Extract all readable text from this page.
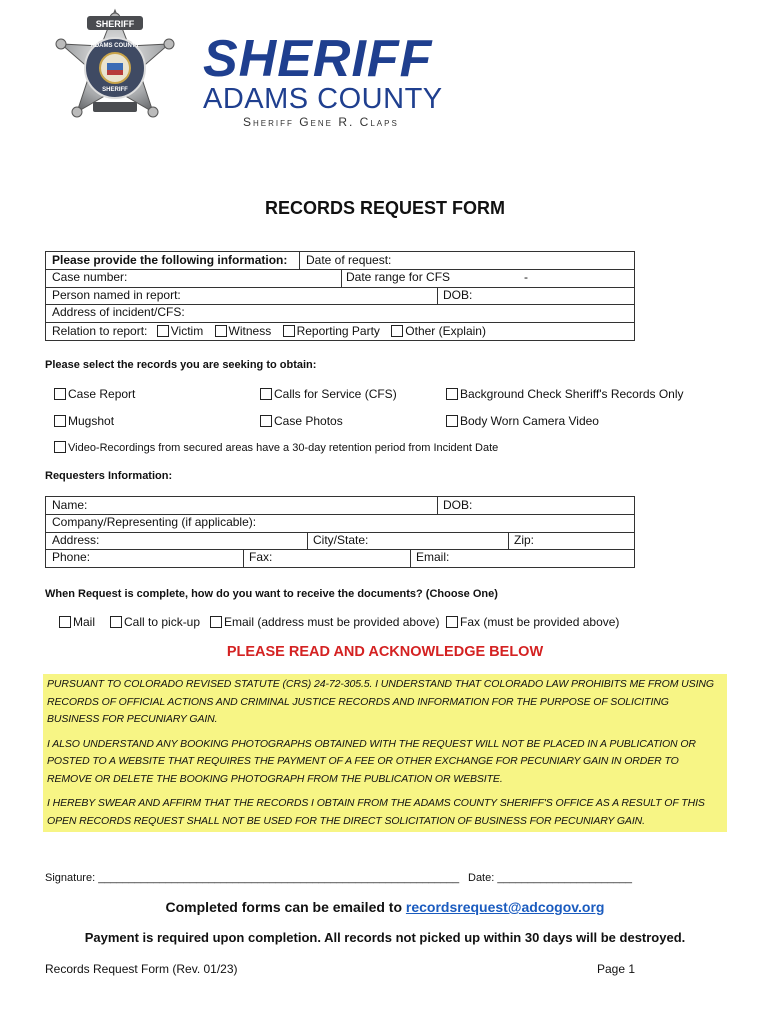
SHERIFF
ADAMS COUNTY
SHERIFF
SHERIFF
ADAMS COUNTY
Sheriff Gene R. Claps
RECORDS REQUEST FORM
Please provide the following information: Date of request:
Case number:	Date range for CFS	-
Person named in report:	DOB:
Address of incident/CFS:
Relation to report: Victim Witness Reporting Party Other (Explain)
Please select the records you are seeking to obtain:
Case Report	Calls for Service (CFS)	Background Check Sheriff's Records Only
Mugshot	Case Photos	Body Worn Camera Video
Video-Recordings from secured areas have a 30-day retention period from Incident Date
Requesters Information:
Name:	DOB:
Company/Representing (if applicable):
Address:	City/State:	Zip:
Phone:	Fax:	Email:
When Request is complete, how do you want to receive the documents? (Choose One)
Mail	Call to pick-up	Email (address must be provided above)	Fax (must be provided above)
PLEASE READ AND ACKNOWLEDGE BELOW

PURSUANT TO COLORADO REVISED STATUTE (CRS) 24-72-305.5. I UNDERSTAND THAT COLORADO LAW PROHIBITS ME FROM USING RECORDS OF OFFICIAL ACTIONS AND CRIMINAL JUSTICE RECORDS AND INFORMATION FOR THE PURPOSE OF SOLICITING BUSINESS FOR PECUNIARY GAIN.

I ALSO UNDERSTAND ANY BOOKING PHOTOGRAPHS OBTAINED WITH THE REQUEST WILL NOT BE PLACED IN A PUBLICATION OR POSTED TO A WEBSITE THAT REQUIRES THE PAYMENT OF A FEE OR OTHER EXCHANGE FOR PECUNIARY GAIN IN ORDER TO REMOVE OR DELETE THE BOOKING PHOTOGRAPH FROM THE PUBLICATION OR WEBSITE.

I HEREBY SWEAR AND AFFIRM THAT THE RECORDS I OBTAIN FROM THE ADAMS COUNTY SHERIFF'S OFFICE AS A RESULT OF THIS OPEN RECORDS REQUEST SHALL NOT BE USED FOR THE DIRECT SOLICITATION OF BUSINESS FOR PECUNIARY GAIN.

Signature: ___________________________________________________________ Date: ______________________
Completed forms can be emailed to recordsrequest@adcogov.org
Payment is required upon completion. All records not picked up within 30 days will be destroyed.
Records Request Form (Rev. 01/23)	Page 1
